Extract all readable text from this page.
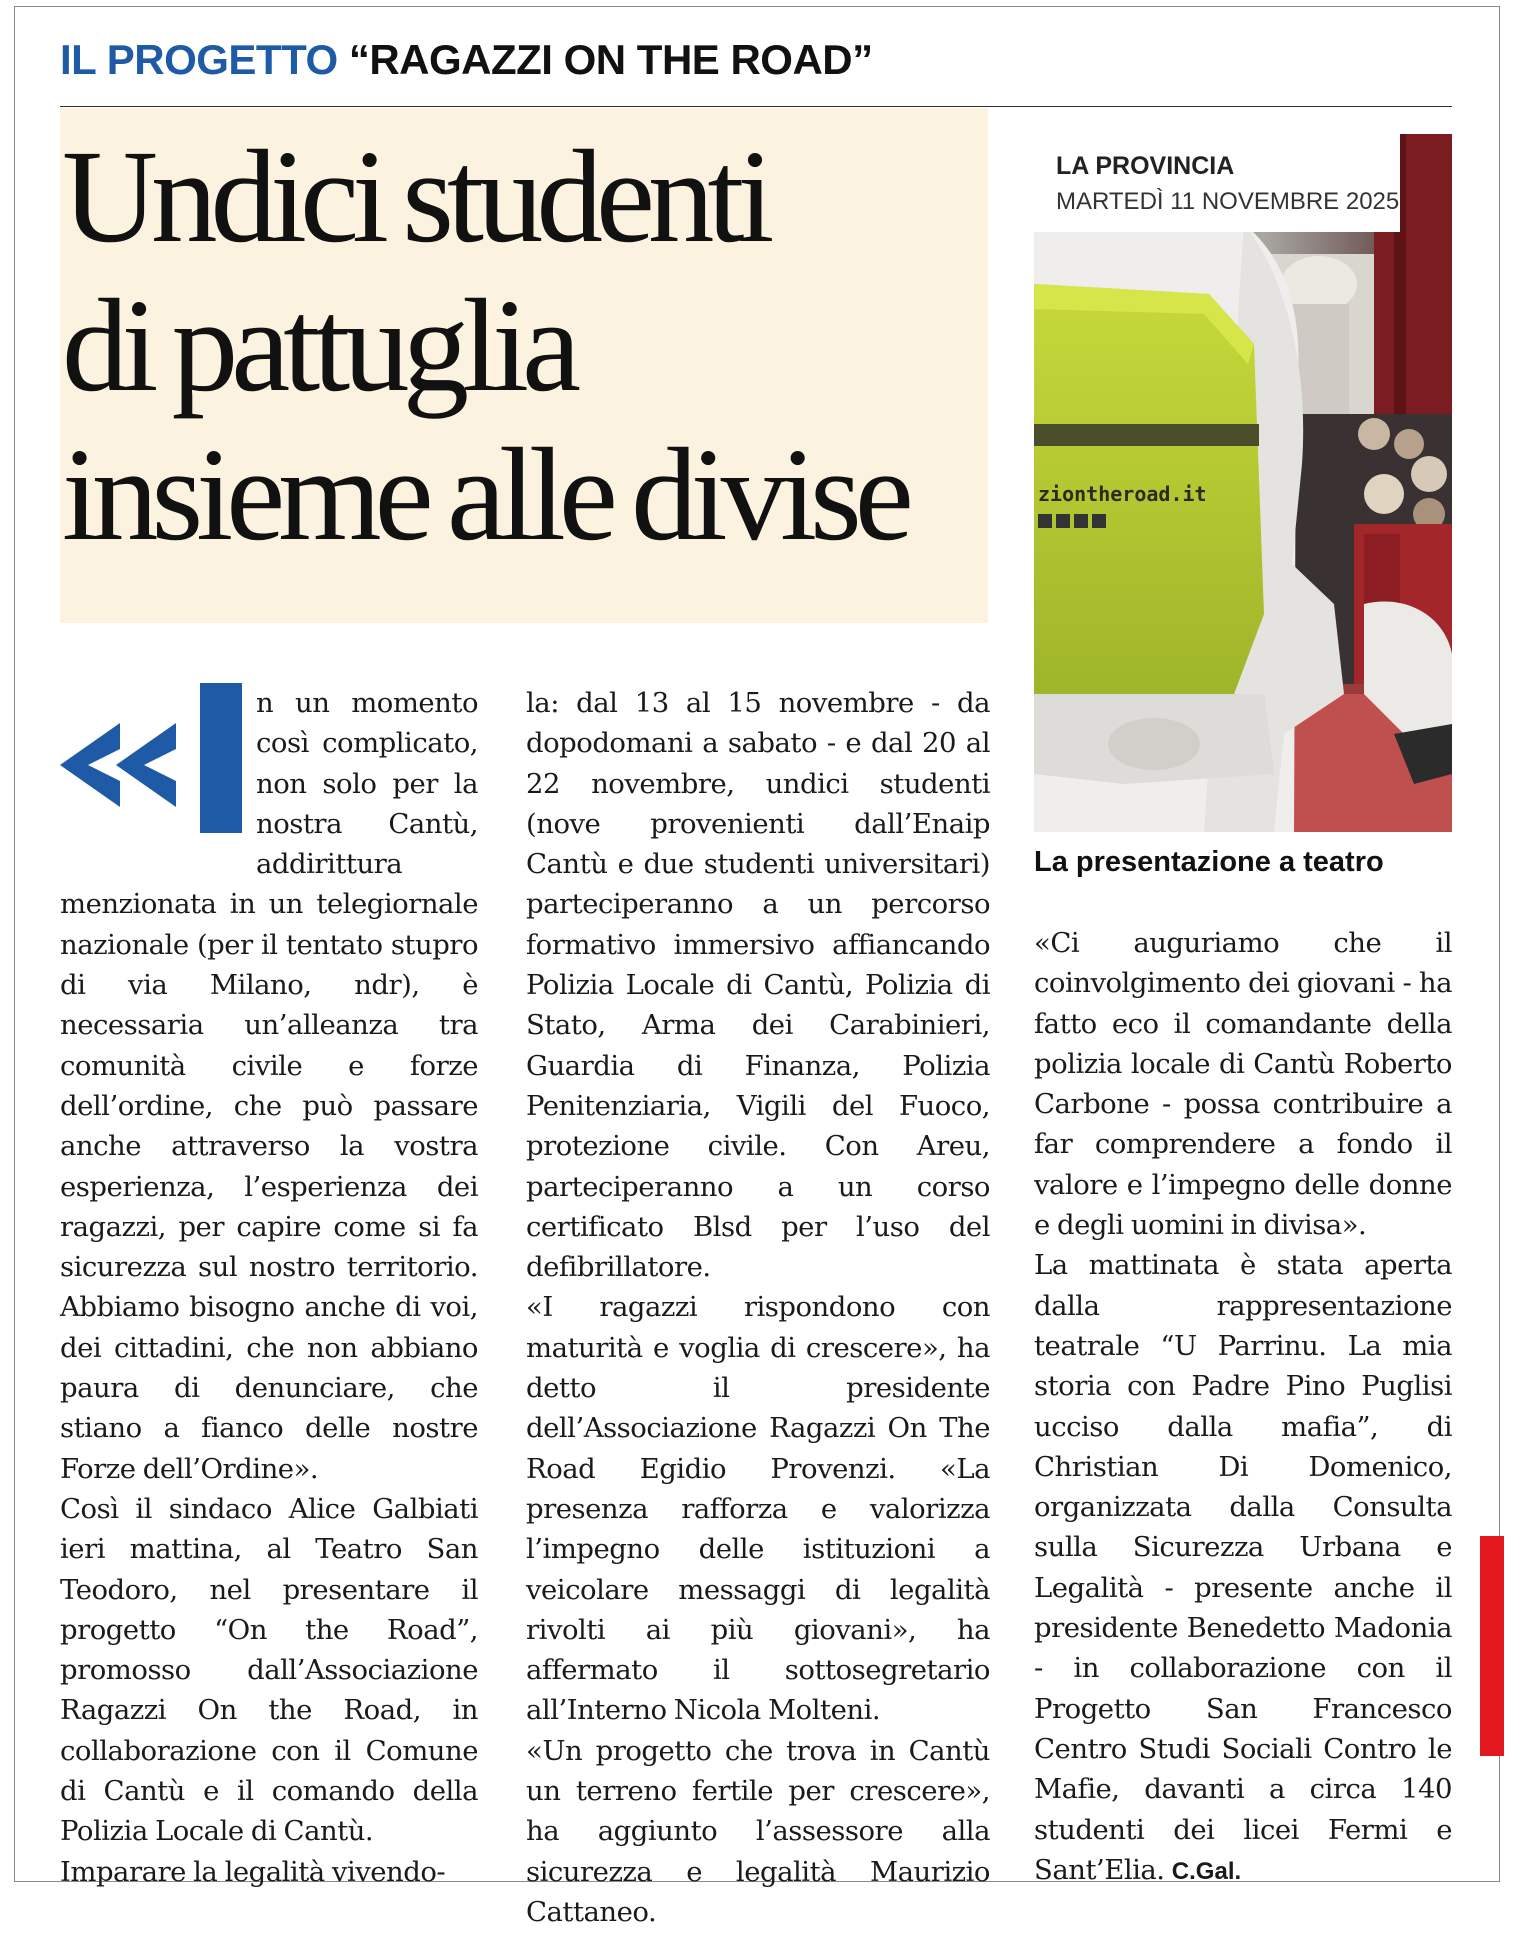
IL PROGETTO “RAGAZZI ON THE ROAD”
Undici studenti
di pattuglia
insieme alle divise	ziontheroad.it
LA PROVINCIA
MARTEDÌ 11 NOVEMBRE 2025
La presentazione a teatro

n un momento così complicato, non solo per la nostra Cantù, addirittura menzionata in un telegiornale nazionale (per il tentato stupro di via Milano, ndr), è necessaria un’alleanza tra comunità civile e forze dell’ordine, che può passare anche attraverso la vostra esperienza, l’esperienza dei ragazzi, per capire come si fa sicurezza sul nostro territorio. Abbiamo bisogno anche di voi, dei cittadini, che non abbiano paura di denunciare, che stiano a fianco delle nostre Forze dell’Ordine».

Così il sindaco Alice Galbiati ieri mattina, al Teatro San Teodoro, nel presentare il progetto “On the Road”, promosso dall’Associazione Ragazzi On the Road, in collaborazione con il Comune di Cantù e il comando della Polizia Locale di Cantù.

Imparare la legalità vivendo-

la: dal 13 al 15 novembre - da dopodomani a sabato - e dal 20 al 22 novembre, undici studenti (nove provenienti dall’Enaip Cantù e due studenti universitari) parteciperanno a un percorso formativo immersivo affiancando Polizia Locale di Cantù, Polizia di Stato, Arma dei Carabinieri, Guardia di Finanza, Polizia Penitenziaria, Vigili del Fuoco, protezione civile. Con Areu, parteciperanno a un corso certificato Blsd per l’uso del defibrillatore.

«I ragazzi rispondono con maturità e voglia di crescere», ha detto il presidente dell’Associazione Ragazzi On The Road Egidio Provenzi. «La presenza rafforza e valorizza l’impegno delle istituzioni a veicolare messaggi di legalità rivolti ai più giovani», ha affermato il sottosegretario all’Interno Nicola Molteni.

«Un progetto che trova in Cantù un terreno fertile per crescere», ha aggiunto l’assessore alla sicurezza e legalità Maurizio Cattaneo.

«Ci auguriamo che il coinvolgimento dei giovani - ha fatto eco il comandante della polizia locale di Cantù Roberto Carbone - possa contribuire a far comprendere a fondo il valore e l’impegno delle donne e degli uomini in divisa».

La mattinata è stata aperta dalla rappresentazione teatrale “U Parrinu. La mia storia con Padre Pino Puglisi ucciso dalla mafia”, di Christian Di Domenico, organizzata dalla Consulta sulla Sicurezza Urbana e Legalità - presente anche il presidente Benedetto Madonia - in collaborazione con il Progetto San Francesco Centro Studi Sociali Contro le Mafie, davanti a circa 140 studenti dei licei Fermi e Sant’Elia. C.Gal.
